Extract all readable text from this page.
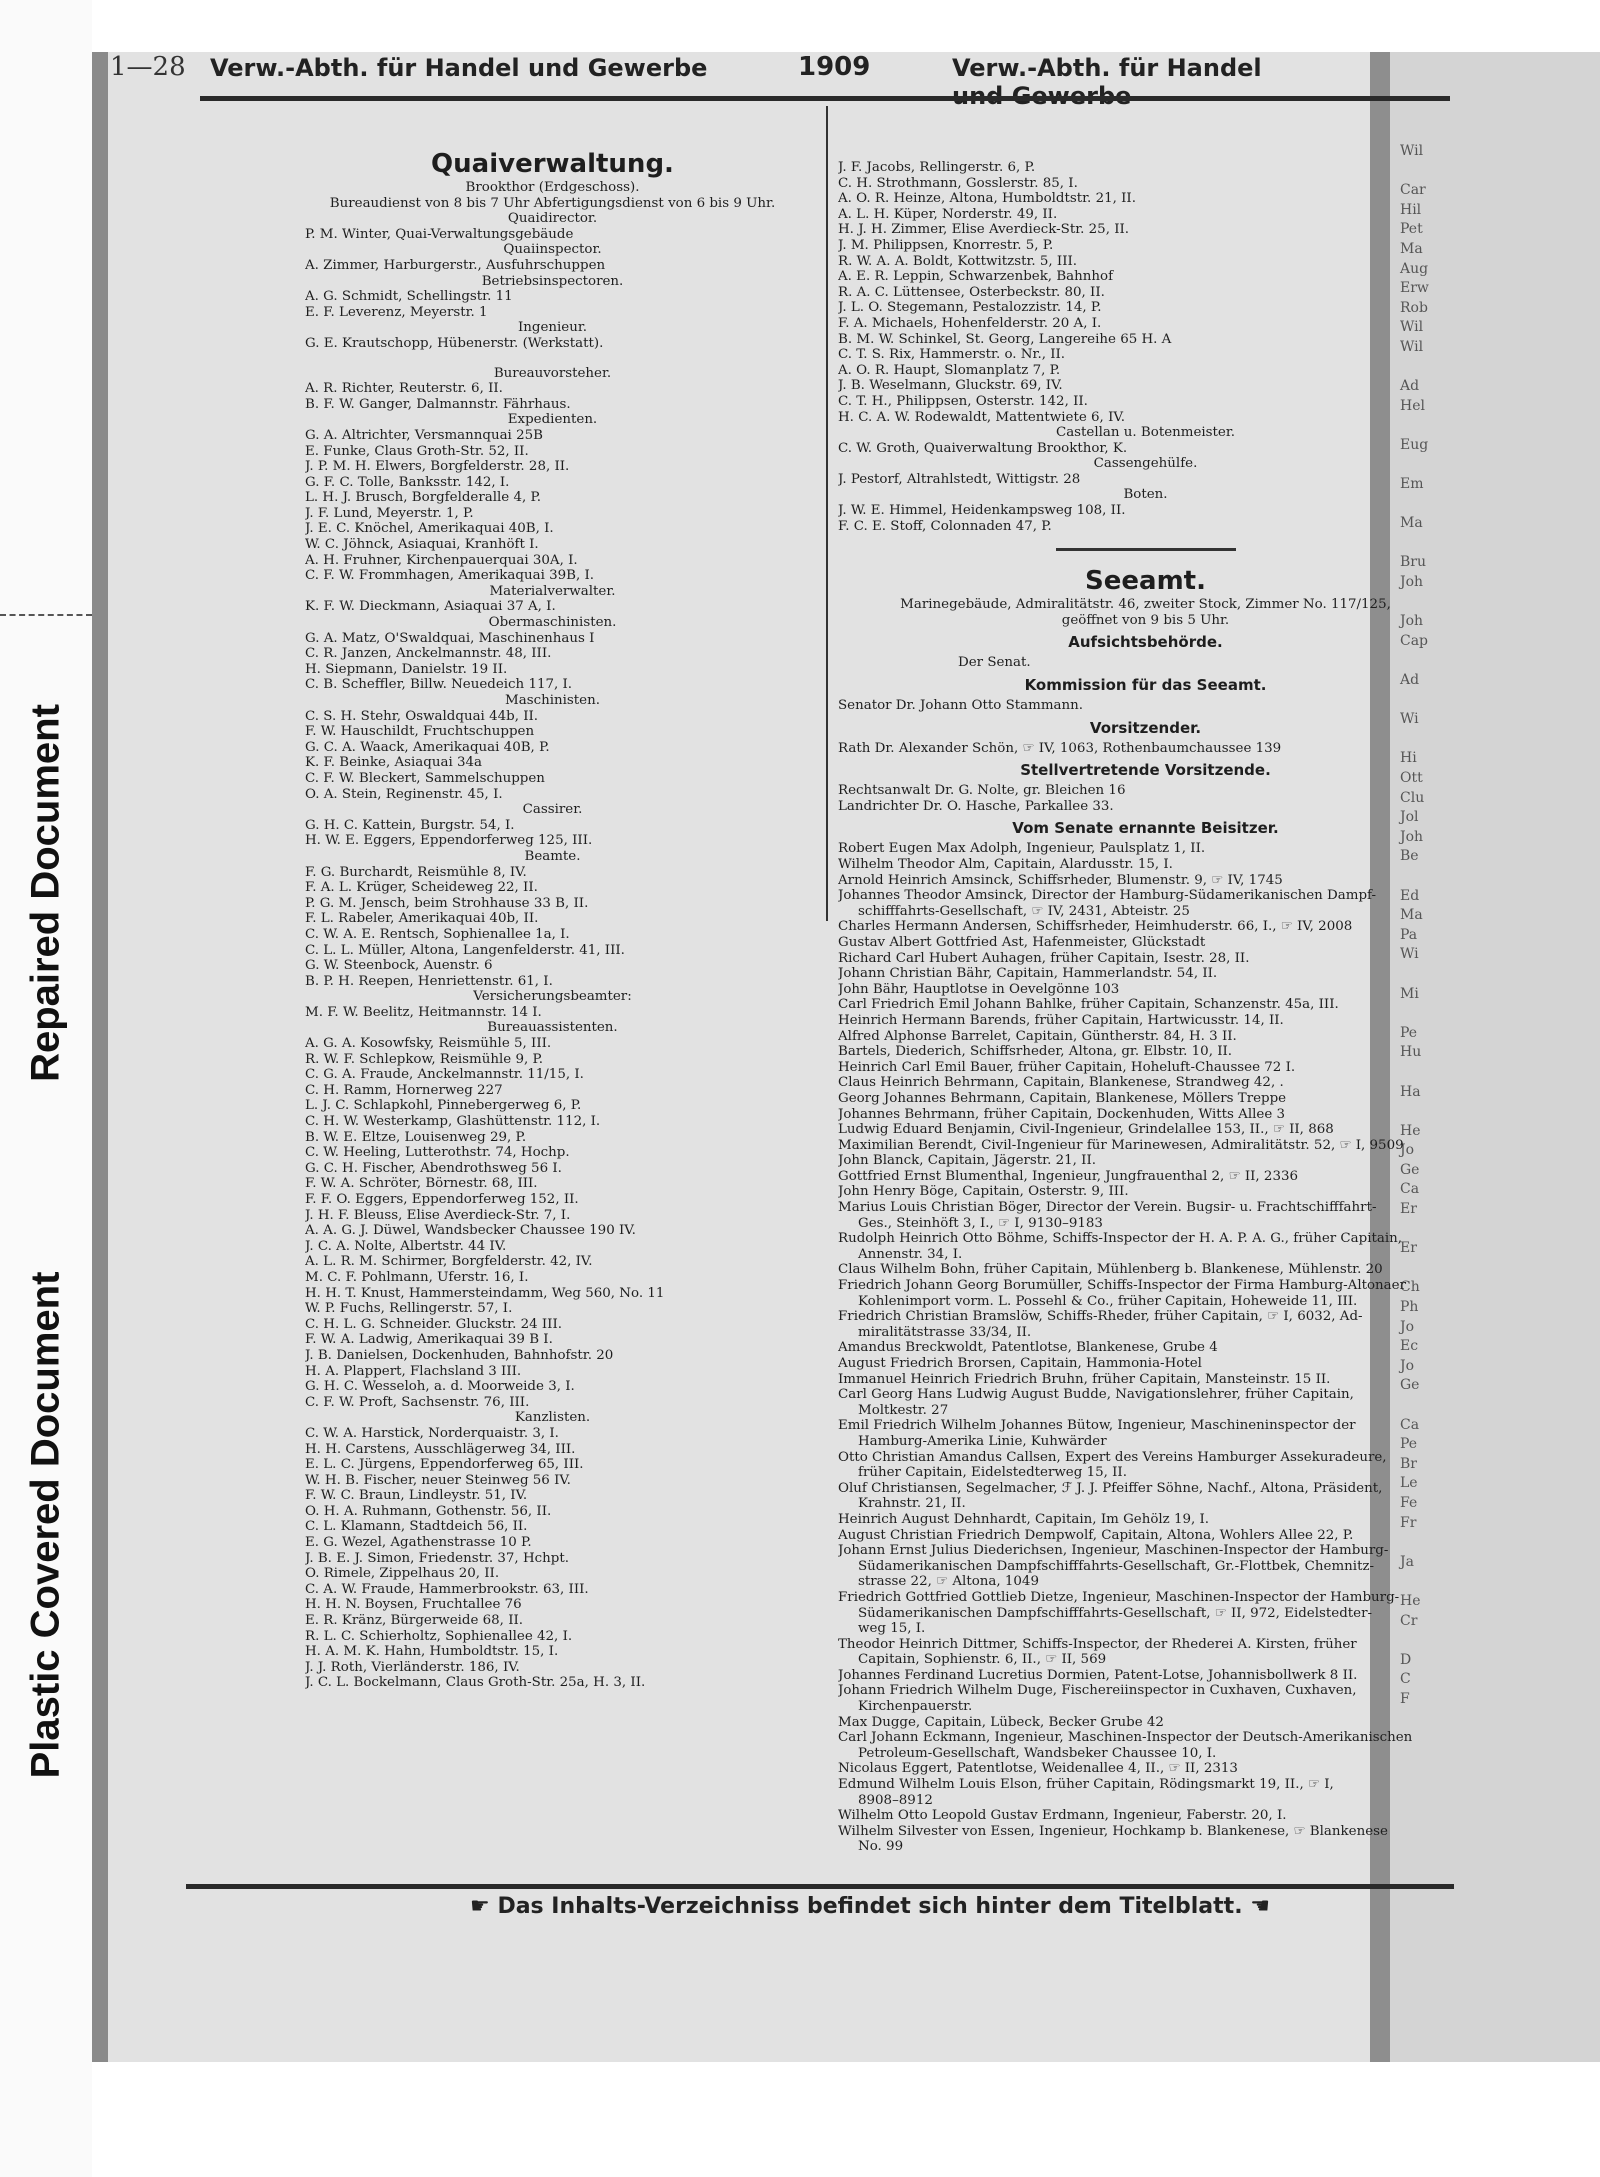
Plastic Covered Document
Repaired Document
Wil
Car
Hil
Pet
Ma
Aug
Erw
Rob
Wil
Wil
Ad
Hel
Eug
Em
Ma
Bru
Joh
Joh
Cap
Ad
Wi
Hi
Ott
Clu
Jol
Joh
Be
Ed
Ma
Pa
Wi
Mi
Pe
Hu
Ha
He
Jo
Ge
Ca
Er
Er
Ch
Ph
Jo
Ec
Jo
Ge
Ca
Pe
Br
Le
Fe
Fr
Ja
He
Cr
D
C
F
1—28 Verw.-Abth. für Handel und Gewerbe	1909	Verw.-Abth. für Handel und Gewerbe
Quaiverwaltung.
Brookthor (Erdgeschoss).
Bureaudienst von 8 bis 7 Uhr Abfertigungsdienst von 6 bis 9 Uhr.
Quaidirector.
P. M. Winter, Quai-Verwaltungsgebäude
Quaiinspector.
A. Zimmer, Harburgerstr., Ausfuhrschuppen
Betriebsinspectoren.
A. G. Schmidt, Schellingstr. 11
E. F. Leverenz, Meyerstr. 1
Ingenieur.
G. E. Krautschopp, Hübenerstr. (Werkstatt).
Bureauvorsteher.
A. R. Richter, Reuterstr. 6, II.
B. F. W. Ganger, Dalmannstr. Fährhaus.
Expedienten.
G. A. Altrichter, Versmannquai 25B
E. Funke, Claus Groth-Str. 52, II.
J. P. M. H. Elwers, Borgfelderstr. 28, II.
G. F. C. Tolle, Banksstr. 142, I.
L. H. J. Brusch, Borgfelderalle 4, P.
J. F. Lund, Meyerstr. 1, P.
J. E. C. Knöchel, Amerikaquai 40B, I.
W. C. Jöhnck, Asiaquai, Kranhöft I.
A. H. Fruhner, Kirchenpauerquai 30A, I.
C. F. W. Frommhagen, Amerikaquai 39B, I.
Materialverwalter.
K. F. W. Dieckmann, Asiaquai 37 A, I.
Obermaschinisten.
G. A. Matz, O'Swaldquai, Maschinenhaus I
C. R. Janzen, Anckelmannstr. 48, III.
H. Siepmann, Danielstr. 19 II.
C. B. Scheffler, Billw. Neuedeich 117, I.
Maschinisten.
C. S. H. Stehr, Oswaldquai 44b, II.
F. W. Hauschildt, Fruchtschuppen
G. C. A. Waack, Amerikaquai 40B, P.
K. F. Beinke, Asiaquai 34a
C. F. W. Bleckert, Sammelschuppen
O. A. Stein, Reginenstr. 45, I.
Cassirer.
G. H. C. Kattein, Burgstr. 54, I.
H. W. E. Eggers, Eppendorferweg 125, III.
Beamte.
F. G. Burchardt, Reismühle 8, IV.
F. A. L. Krüger, Scheideweg 22, II.
P. G. M. Jensch, beim Strohhause 33 B, II.
F. L. Rabeler, Amerikaquai 40b, II.
C. W. A. E. Rentsch, Sophienallee 1a, I.
C. L. L. Müller, Altona, Langenfelderstr. 41, III.
G. W. Steenbock, Auenstr. 6
B. P. H. Reepen, Henriettenstr. 61, I.
Versicherungsbeamter:
M. F. W. Beelitz, Heitmannstr. 14 I.
Bureauassistenten.
A. G. A. Kosowfsky, Reismühle 5, III.
R. W. F. Schlepkow, Reismühle 9, P.
C. G. A. Fraude, Anckelmannstr. 11/15, I.
C. H. Ramm, Hornerweg 227
L. J. C. Schlapkohl, Pinnebergerweg 6, P.
C. H. W. Westerkamp, Glashüttenstr. 112, I.
B. W. E. Eltze, Louisenweg 29, P.
C. W. Heeling, Lutterothstr. 74, Hochp.
G. C. H. Fischer, Abendrothsweg 56 I.
F. W. A. Schröter, Börnestr. 68, III.
F. F. O. Eggers, Eppendorferweg 152, II.
J. H. F. Bleuss, Elise Averdieck-Str. 7, I.
A. A. G. J. Düwel, Wandsbecker Chaussee 190 IV.
J. C. A. Nolte, Albertstr. 44 IV.
A. L. R. M. Schirmer, Borgfelderstr. 42, IV.
M. C. F. Pohlmann, Uferstr. 16, I.
H. H. T. Knust, Hammersteindamm, Weg 560, No. 11
W. P. Fuchs, Rellingerstr. 57, I.
C. H. L. G. Schneider. Gluckstr. 24 III.
F. W. A. Ladwig, Amerikaquai 39 B I.
J. B. Danielsen, Dockenhuden, Bahnhofstr. 20
H. A. Plappert, Flachsland 3 III.
G. H. C. Wesseloh, a. d. Moorweide 3, I.
C. F. W. Proft, Sachsenstr. 76, III.
Kanzlisten.
C. W. A. Harstick, Norderquaistr. 3, I.
H. H. Carstens, Ausschlägerweg 34, III.
E. L. C. Jürgens, Eppendorferweg 65, III.
W. H. B. Fischer, neuer Steinweg 56 IV.
F. W. C. Braun, Lindleystr. 51, IV.
O. H. A. Ruhmann, Gothenstr. 56, II.
C. L. Klamann, Stadtdeich 56, II.
E. G. Wezel, Agathenstrasse 10 P.
J. B. E. J. Simon, Friedenstr. 37, Hchpt.
O. Rimele, Zippelhaus 20, II.
C. A. W. Fraude, Hammerbrookstr. 63, III.
H. H. N. Boysen, Fruchtallee 76
E. R. Kränz, Bürgerweide 68, II.
R. L. C. Schierholtz, Sophienallee 42, I.
H. A. M. K. Hahn, Humboldtstr. 15, I.
J. J. Roth, Vierländerstr. 186, IV.
J. C. L. Bockelmann, Claus Groth-Str. 25a, H. 3, II.
J. F. Jacobs, Rellingerstr. 6, P.
C. H. Strothmann, Gosslerstr. 85, I.
A. O. R. Heinze, Altona, Humboldtstr. 21, II.
A. L. H. Küper, Norderstr. 49, II.
H. J. H. Zimmer, Elise Averdieck-Str. 25, II.
J. M. Philippsen, Knorrestr. 5, P.
R. W. A. A. Boldt, Kottwitzstr. 5, III.
A. E. R. Leppin, Schwarzenbek, Bahnhof
R. A. C. Lüttensee, Osterbeckstr. 80, II.
J. L. O. Stegemann, Pestalozzistr. 14, P.
F. A. Michaels, Hohenfelderstr. 20 A, I.
B. M. W. Schinkel, St. Georg, Langereihe 65 H. A
C. T. S. Rix, Hammerstr. o. Nr., II.
A. O. R. Haupt, Slomanplatz 7, P.
J. B. Weselmann, Gluckstr. 69, IV.
C. T. H., Philippsen, Osterstr. 142, II.
H. C. A. W. Rodewaldt, Mattentwiete 6, IV.
Castellan u. Botenmeister.
C. W. Groth, Quaiverwaltung Brookthor, K.
Cassengehülfe.
J. Pestorf, Altrahlstedt, Wittigstr. 28
Boten.
J. W. E. Himmel, Heidenkampsweg 108, II.
F. C. E. Stoff, Colonnaden 47, P.
Seeamt.
Marinegebäude, Admiralitätstr. 46, zweiter Stock, Zimmer No. 117/125,
geöffnet von 9 bis 5 Uhr.
Aufsichtsbehörde.
Der Senat.
Kommission für das Seeamt.
Senator Dr. Johann Otto Stammann.
Vorsitzender.
Rath Dr. Alexander Schön, ☞ IV, 1063, Rothenbaumchaussee 139
Stellvertretende Vorsitzende.
Rechtsanwalt Dr. G. Nolte, gr. Bleichen 16
Landrichter Dr. O. Hasche, Parkallee 33.
Vom Senate ernannte Beisitzer.
Robert Eugen Max Adolph, Ingenieur, Paulsplatz 1, II.
Wilhelm Theodor Alm, Capitain, Alardusstr. 15, I.
Arnold Heinrich Amsinck, Schiffsrheder, Blumenstr. 9, ☞ IV, 1745
Johannes Theodor Amsinck, Director der Hamburg-Südamerikanischen Dampf-
schifffahrts-Gesellschaft, ☞ IV, 2431, Abteistr. 25
Charles Hermann Andersen, Schiffsrheder, Heimhuderstr. 66, I., ☞ IV, 2008
Gustav Albert Gottfried Ast, Hafenmeister, Glückstadt
Richard Carl Hubert Auhagen, früher Capitain, Isestr. 28, II.
Johann Christian Bähr, Capitain, Hammerlandstr. 54, II.
John Bähr, Hauptlotse in Oevelgönne 103
Carl Friedrich Emil Johann Bahlke, früher Capitain, Schanzenstr. 45a, III.
Heinrich Hermann Barends, früher Capitain, Hartwicusstr. 14, II.
Alfred Alphonse Barrelet, Capitain, Güntherstr. 84, H. 3 II.
Bartels, Diederich, Schiffsrheder, Altona, gr. Elbstr. 10, II.
Heinrich Carl Emil Bauer, früher Capitain, Hoheluft-Chaussee 72 I.
Claus Heinrich Behrmann, Capitain, Blankenese, Strandweg 42, .
Georg Johannes Behrmann, Capitain, Blankenese, Möllers Treppe
Johannes Behrmann, früher Capitain, Dockenhuden, Witts Allee 3
Ludwig Eduard Benjamin, Civil-Ingenieur, Grindelallee 153, II., ☞ II, 868
Maximilian Berendt, Civil-Ingenieur für Marinewesen, Admiralitätstr. 52, ☞ I, 9509
John Blanck, Capitain, Jägerstr. 21, II.
Gottfried Ernst Blumenthal, Ingenieur, Jungfrauenthal 2, ☞ II, 2336
John Henry Böge, Capitain, Osterstr. 9, III.
Marius Louis Christian Böger, Director der Verein. Bugsir- u. Frachtschifffahrt-
Ges., Steinhöft 3, I., ☞ I, 9130–9183
Rudolph Heinrich Otto Böhme, Schiffs-Inspector der H. A. P. A. G., früher Capitain,
Annenstr. 34, I.
Claus Wilhelm Bohn, früher Capitain, Mühlenberg b. Blankenese, Mühlenstr. 20
Friedrich Johann Georg Borumüller, Schiffs-Inspector der Firma Hamburg-Altonaer
Kohlenimport vorm. L. Possehl & Co., früher Capitain, Hoheweide 11, III.
Friedrich Christian Bramslöw, Schiffs-Rheder, früher Capitain, ☞ I, 6032, Ad-
miralitätstrasse 33/34, II.
Amandus Breckwoldt, Patentlotse, Blankenese, Grube 4
August Friedrich Brorsen, Capitain, Hammonia-Hotel
Immanuel Heinrich Friedrich Bruhn, früher Capitain, Mansteinstr. 15 II.
Carl Georg Hans Ludwig August Budde, Navigationslehrer, früher Capitain,
Moltkestr. 27
Emil Friedrich Wilhelm Johannes Bütow, Ingenieur, Maschineninspector der
Hamburg-Amerika Linie, Kuhwärder
Otto Christian Amandus Callsen, Expert des Vereins Hamburger Assekuradeure,
früher Capitain, Eidelstedterweg 15, II.
Oluf Christiansen, Segelmacher, ℱ J. J. Pfeiffer Söhne, Nachf., Altona, Präsident,
Krahnstr. 21, II.
Heinrich August Dehnhardt, Capitain, Im Gehölz 19, I.
August Christian Friedrich Dempwolf, Capitain, Altona, Wohlers Allee 22, P.
Johann Ernst Julius Diederichsen, Ingenieur, Maschinen-Inspector der Hamburg-
Südamerikanischen Dampfschifffahrts-Gesellschaft, Gr.-Flottbek, Chemnitz-
strasse 22, ☞ Altona, 1049
Friedrich Gottfried Gottlieb Dietze, Ingenieur, Maschinen-Inspector der Hamburg-
Südamerikanischen Dampfschifffahrts-Gesellschaft, ☞ II, 972, Eidelstedter-
weg 15, I.
Theodor Heinrich Dittmer, Schiffs-Inspector, der Rhederei A. Kirsten, früher
Capitain, Sophienstr. 6, II., ☞ II, 569
Johannes Ferdinand Lucretius Dormien, Patent-Lotse, Johannisbollwerk 8 II.
Johann Friedrich Wilhelm Duge, Fischereiinspector in Cuxhaven, Cuxhaven,
Kirchenpauerstr.
Max Dugge, Capitain, Lübeck, Becker Grube 42
Carl Johann Eckmann, Ingenieur, Maschinen-Inspector der Deutsch-Amerikanischen
Petroleum-Gesellschaft, Wandsbeker Chaussee 10, I.
Nicolaus Eggert, Patentlotse, Weidenallee 4, II., ☞ II, 2313
Edmund Wilhelm Louis Elson, früher Capitain, Rödingsmarkt 19, II., ☞ I,
8908–8912
Wilhelm Otto Leopold Gustav Erdmann, Ingenieur, Faberstr. 20, I.
Wilhelm Silvester von Essen, Ingenieur, Hochkamp b. Blankenese, ☞ Blankenese
No. 99
☛ Das Inhalts-Verzeichniss befindet sich hinter dem Titelblatt. ☚
